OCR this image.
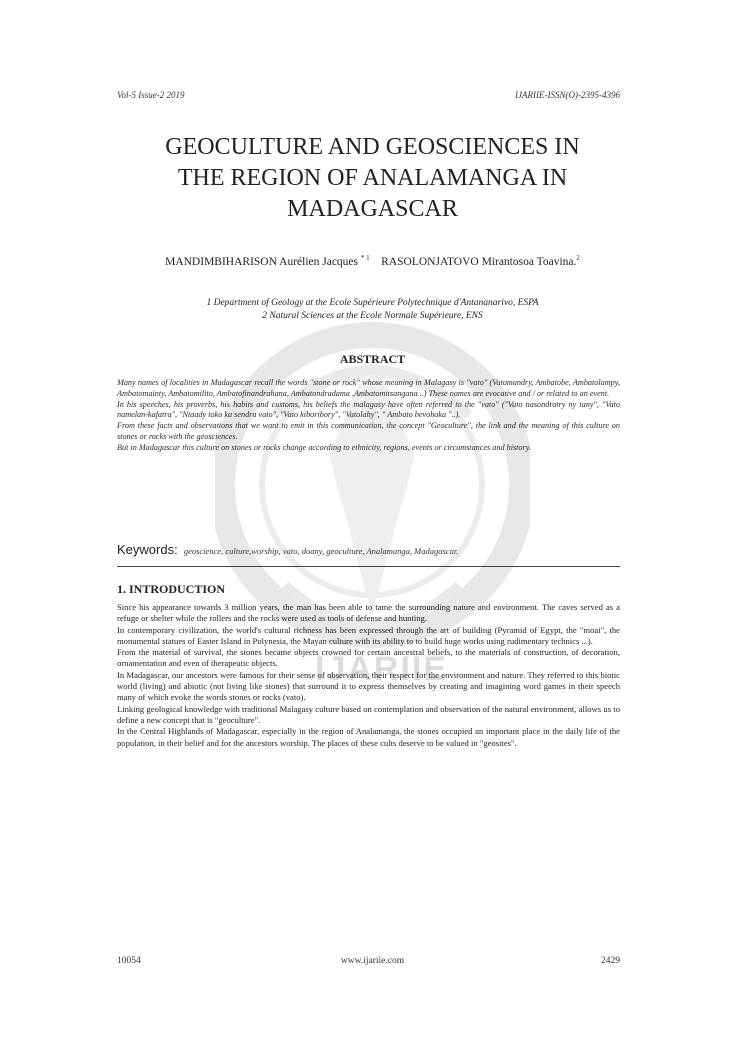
IJARIIE
Vol-5 Issue-2 2019	IJARIIE-ISSN(O)-2395-4396
GEOCULTURE AND GEOSCIENCES IN
THE REGION OF ANALAMANGA IN
MADAGASCAR
MANDIMBIHARISON Aurélien Jacques $^{* 1}$ RASOLONJATOVO Mirantosoa Toavina.$^2$
1 Department of Geology at the Ecole Supérieure Polytechnique d'Antananarivo, ESPA
2 Natural Sciences at the Ecole Normale Supérieure, ENS
ABSTRACT

Many names of localities in Madagascar recall the words "stone or rock" whose meaning in Malagasy is "vato" (Vatomandry, Ambatobe, Ambatolampy, Ambatomainty, Ambatomilito, Ambatofinandrahana, Ambatondradama ,Ambatomitsangana ..) These names are evocative and / or related to an event.

In his speeches, his proverbs, his habits and customs, his beliefs the malagasy have often referred to the "vato" ("Vato nasondrotry ny tany", "Vato namelan-kafatra", "Ntaady toko ka sendra vato", "Vato kiboribory", "Vatolahy", " Ambato bevohoka "..).

From these facts and observations that we want to emit in this communication, the concept "Geoculture", the link and the meaning of this culture on stones or rocks with the geosciences.

But in Madagascar this culture on stones or rocks change according to ethnicity, regions, events or circumstances and history.

Keywords: geoscience, culture,worship, vato, doany, geoculture, Analamanga, Madagascar.
1. INTRODUCTION

Since his appearance towards 3 million years, the man has been able to tame the surrounding nature and environment. The caves served as a refuge or shelter while the rollers and the rocks were used as tools of defense and hunting.

In contemporary civilization, the world's cultural richness has been expressed through the art of building (Pyramid of Egypt, the "moai", the monumental statues of Easter Island in Polynesia, the Mayan culture with its ability to to build huge works using rudimentary technics ...).

From the material of survival, the stones became objects crowned for certain ancestral beliefs, to the materials of construction, of decoration, ornamentation and even of therapeutic objects.

In Madagascar, our ancestors were famous for their sense of observation, their respect for the environment and nature. They referred to this biotic world (living) and abiotic (not living like stones) that surround it to express themselves by creating and imagining word games in their speech many of which evoke the words stones or rocks (vato).

Linking geological knowledge with traditional Malagasy culture based on contemplation and observation of the natural environment, allows us to define a new concept that is "geoculture".

In the Central Highlands of Madagascar, especially in the region of Analamanga, the stones occupied an important place in the daily life of the population, in their belief and for the ancestors worship. The places of these cults deserve to be valued in "geosites".

10054	www.ijariie.com	2429
